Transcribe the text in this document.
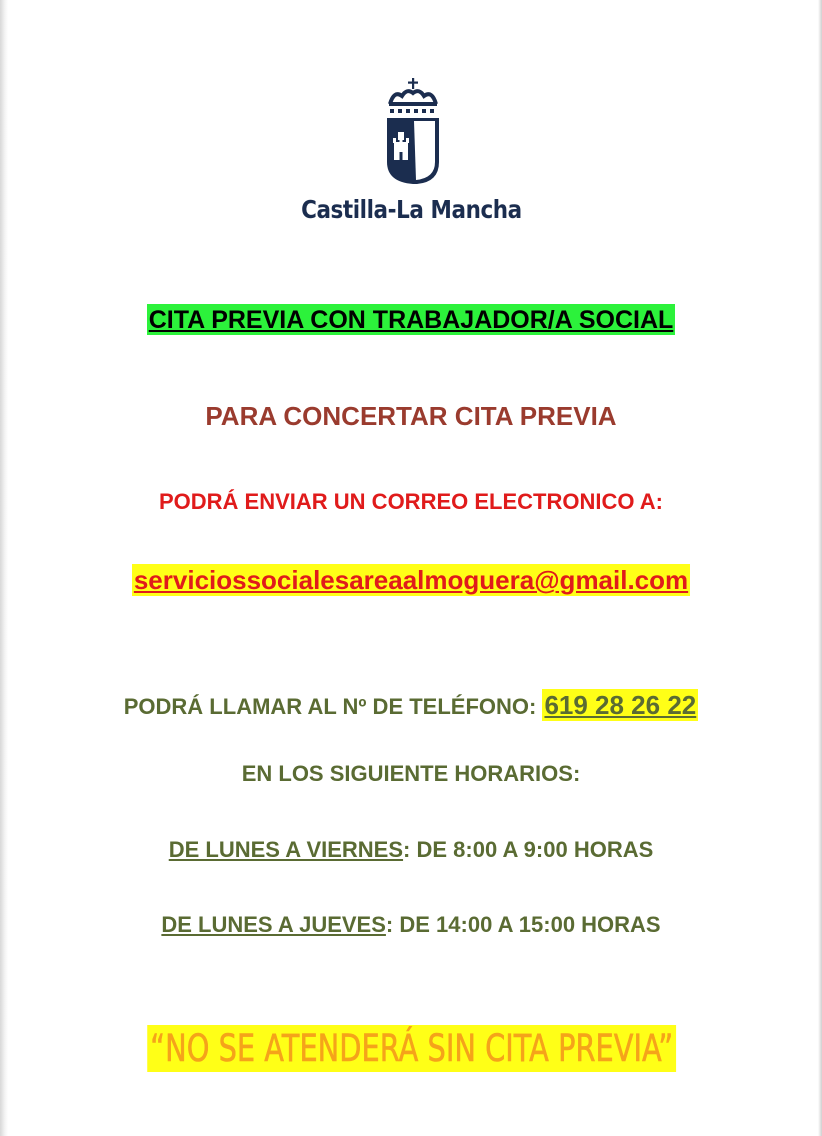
Castilla-La Mancha
CITA PREVIA CON TRABAJADOR/A SOCIAL
PARA CONCERTAR CITA PREVIA
PODRÁ ENVIAR UN CORREO ELECTRONICO A:
serviciossocialesareaalmoguera@gmail.com
PODRÁ LLAMAR AL Nº DE TELÉFONO: 619 28 26 22
EN LOS SIGUIENTE HORARIOS:
DE LUNES A VIERNES: DE 8:00 A 9:00 HORAS
DE LUNES A JUEVES: DE 14:00 A 15:00 HORAS
“NO SE ATENDERÁ SIN CITA PREVIA”
